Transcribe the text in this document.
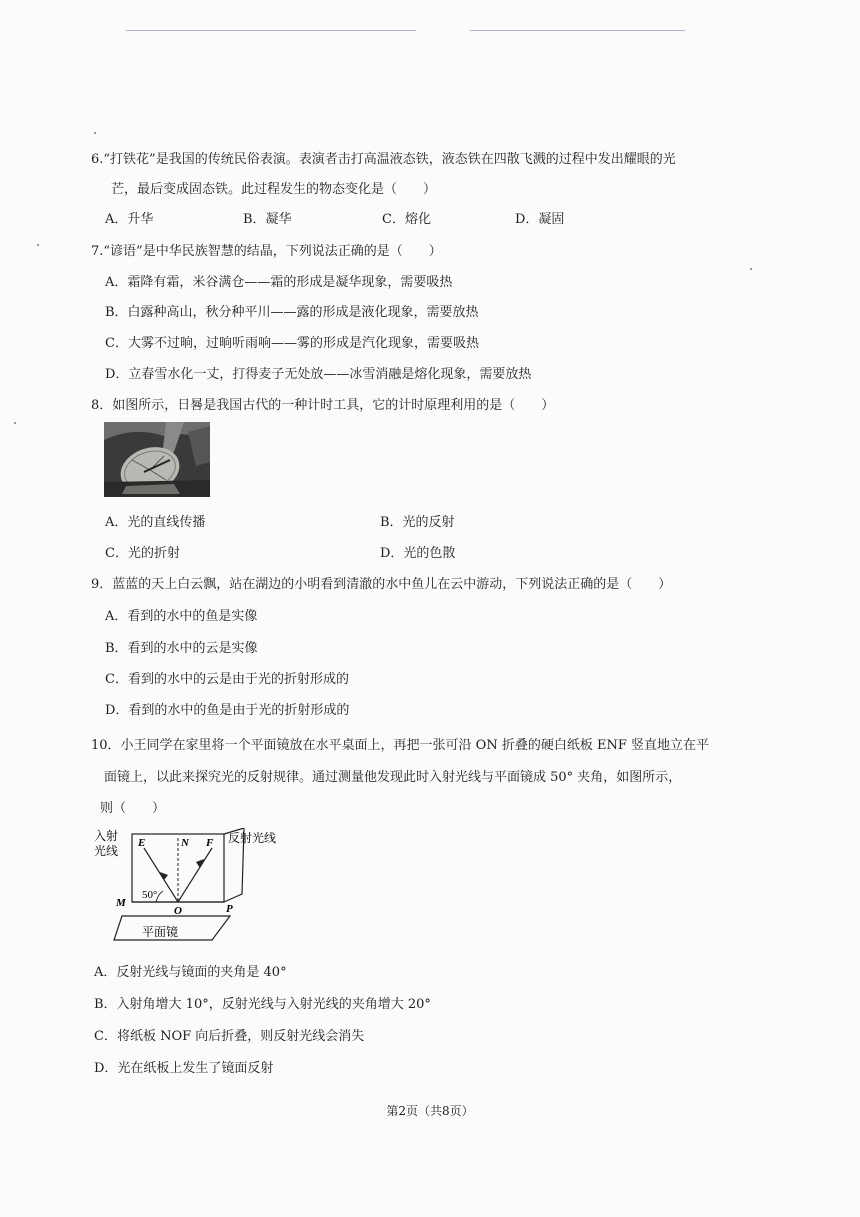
6.“打铁花”是我国的传统民俗表演。表演者击打高温液态铁，液态铁在四散飞溅的过程中发出耀眼的光
芒，最后变成固态铁。此过程发生的物态变化是（　　）
A．升华	B．凝华	C．熔化	D．凝固
7.“谚语”是中华民族智慧的结晶，下列说法正确的是（　　）
A．霜降有霜，米谷满仓——霜的形成是凝华现象，需要吸热
B．白露种高山，秋分种平川——露的形成是液化现象，需要放热
C．大雾不过晌，过晌听雨响——雾的形成是汽化现象，需要吸热
D．立春雪水化一丈，打得麦子无处放——冰雪消融是熔化现象，需要放热
8．如图所示，日晷是我国古代的一种计时工具，它的计时原理利用的是（　　）
A．光的直线传播	B．光的反射
C．光的折射	D．光的色散
9．蓝蓝的天上白云飘，站在湖边的小明看到清澈的水中鱼儿在云中游动，下列说法正确的是（　　）
A．看到的水中的鱼是实像
B．看到的水中的云是实像
C．看到的水中的云是由于光的折射形成的
D．看到的水中的鱼是由于光的折射形成的
10．小王同学在家里将一个平面镜放在水平桌面上，再把一张可沿 ON 折叠的硬白纸板 ENF 竖直地立在平
面镜上，以此来探究光的反射规律。通过测量他发现此时入射光线与平面镜成 50° 夹角，如图所示，
则（　　）
入射
光线
反射光线
E	N F
M
O	P
50°
平面镜
A．反射光线与镜面的夹角是 40°
B．入射角增大 10°，反射光线与入射光线的夹角增大 20°
C．将纸板 NOF 向后折叠，则反射光线会消失
D．光在纸板上发生了镜面反射
第2页（共8页）
